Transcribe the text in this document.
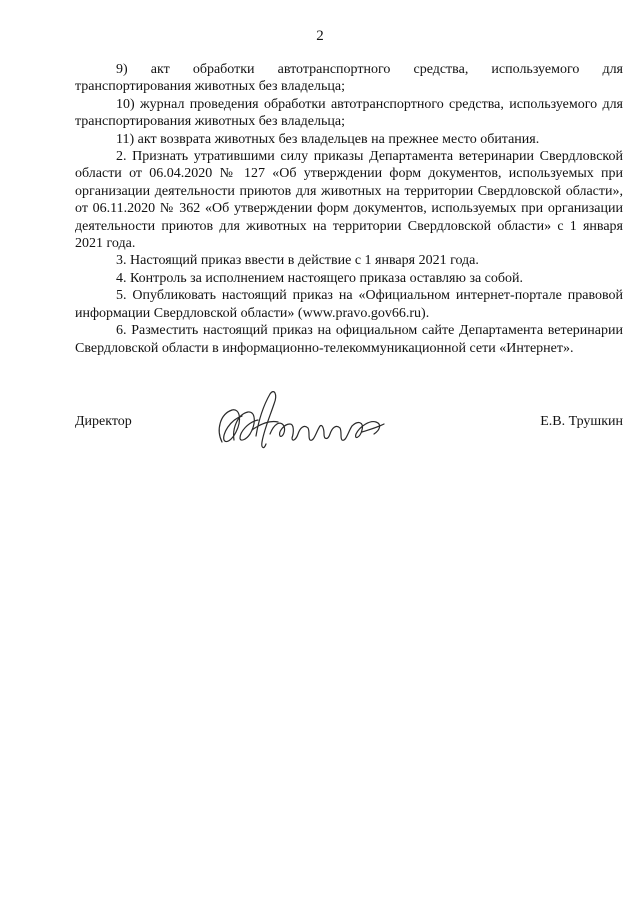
2

9) акт обработки автотранспортного средства, используемого для транспортирования животных без владельца;

10) журнал проведения обработки автотранспортного средства, используемого для транспортирования животных без владельца;

11) акт возврата животных без владельцев на прежнее место обитания.

2. Признать утратившими силу приказы Департамента ветеринарии Свердловской области от 06.04.2020 № 127 «Об утверждении форм документов, используемых при организации деятельности приютов для животных на территории Свердловской области», от 06.11.2020 № 362 «Об утверждении форм документов, используемых при организации деятельности приютов для животных на территории Свердловской области» с 1 января 2021 года.

3. Настоящий приказ ввести в действие с 1 января 2021 года.

4. Контроль за исполнением настоящего приказа оставляю за собой.

5. Опубликовать настоящий приказ на «Официальном интернет-портале правовой информации Свердловской области» (www.pravo.gov66.ru).

6. Разместить настоящий приказ на официальном сайте Департамента ветеринарии Свердловской области в информационно-телекоммуникационной сети «Интернет».

Директор	Е.В. Трушкин
